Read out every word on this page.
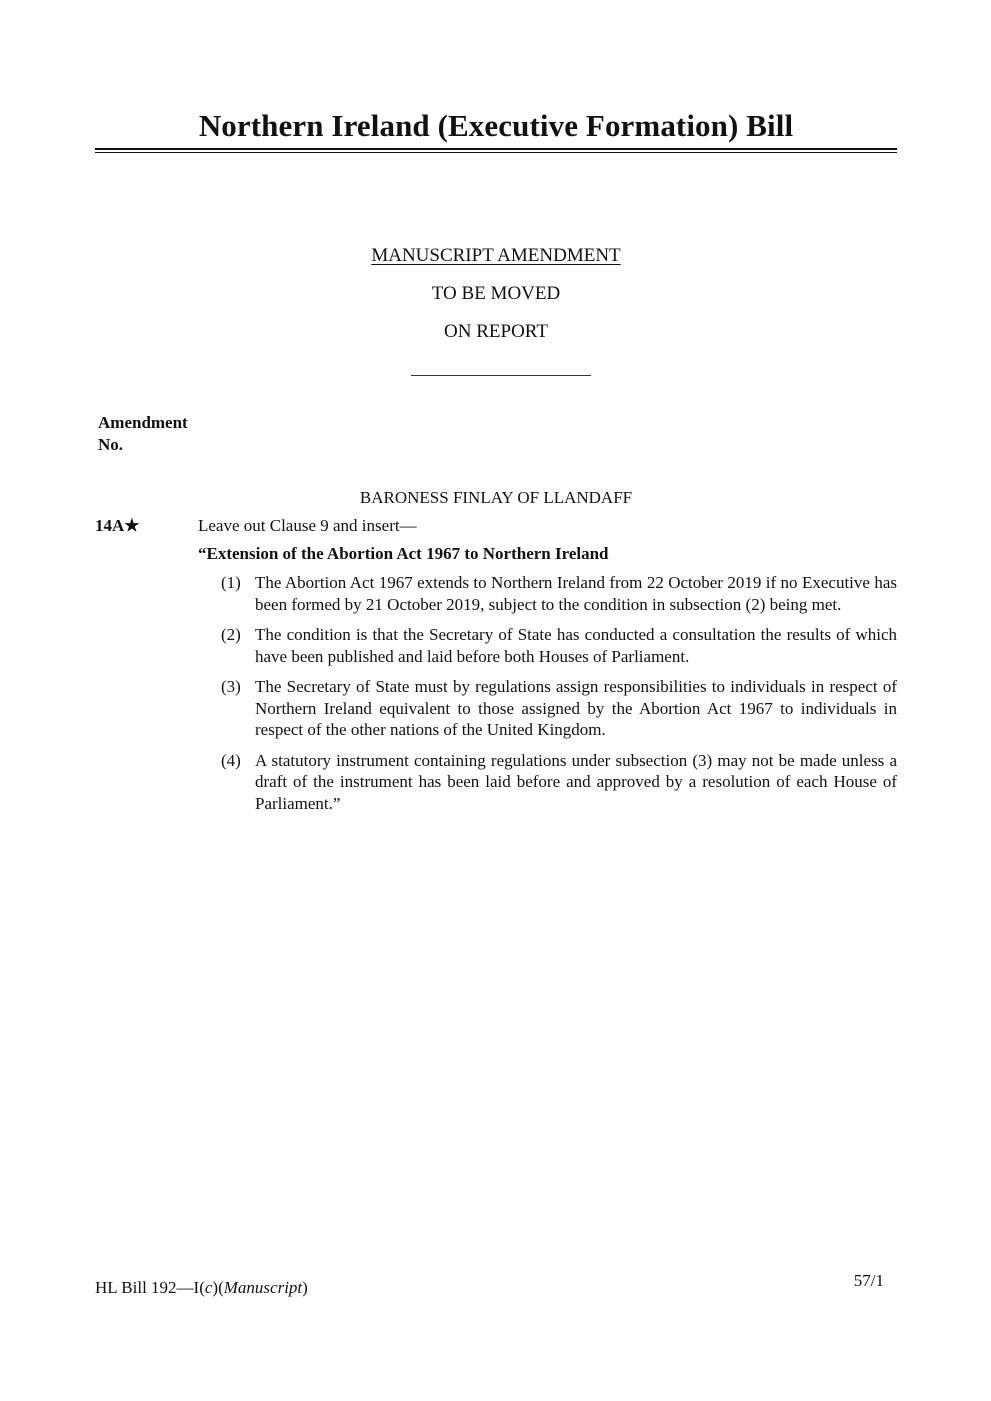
Northern Ireland (Executive Formation) Bill
MANUSCRIPT AMENDMENT
TO BE MOVED
ON REPORT
Amendment
No.
BARONESS FINLAY OF LLANDAFF
14A★	Leave out Clause 9 and insert—
“Extension of the Abortion Act 1967 to Northern Ireland
(1) The Abortion Act 1967 extends to Northern Ireland from 22 October 2019 if no Executive has been formed by 21 October 2019, subject to the condition in subsection (2) being met.
(2) The condition is that the Secretary of State has conducted a consultation the results of which have been published and laid before both Houses of Parliament.
(3) The Secretary of State must by regulations assign responsibilities to individuals in respect of Northern Ireland equivalent to those assigned by the Abortion Act 1967 to individuals in respect of the other nations of the United Kingdom.
(4) A statutory instrument containing regulations under subsection (3) may not be made unless a draft of the instrument has been laid before and approved by a resolution of each House of Parliament.”
HL Bill 192—I(c)(Manuscript)	57/1
